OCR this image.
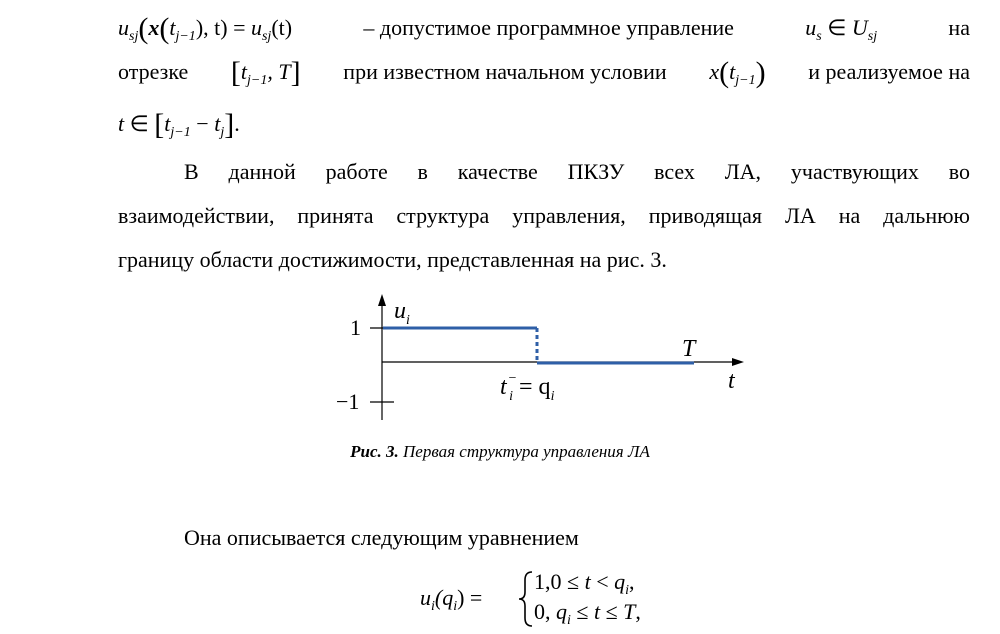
$u_{sj}(x(t_{j-1})$, $t) = u_{sj}(t)$	– допустимое программное управление	$u_s$ ∈ $U_{sj}$	на
отрезке [$t_{j-1}$, T] при известном начальном условии $x(t_{j-1})$ и реализуемое на
t ∈ $[t_{j-1} - t_j]$.
В данной работе в качестве ПКЗУ всех ЛА, участвующих во
взаимодействии, принята структура управления, приводящая ЛА на дальнюю
границу области достижимости, представленная на рис. 3.
$u_i$
1
−1
T
t
t− $i = q_i$
Рис. 3. Первая структура управления ЛА
Она описывается следующим уравнением
$u_i(q_i)$ =
$1,0 \le t < q_i$,
0, $q_i \le t \le T$,
